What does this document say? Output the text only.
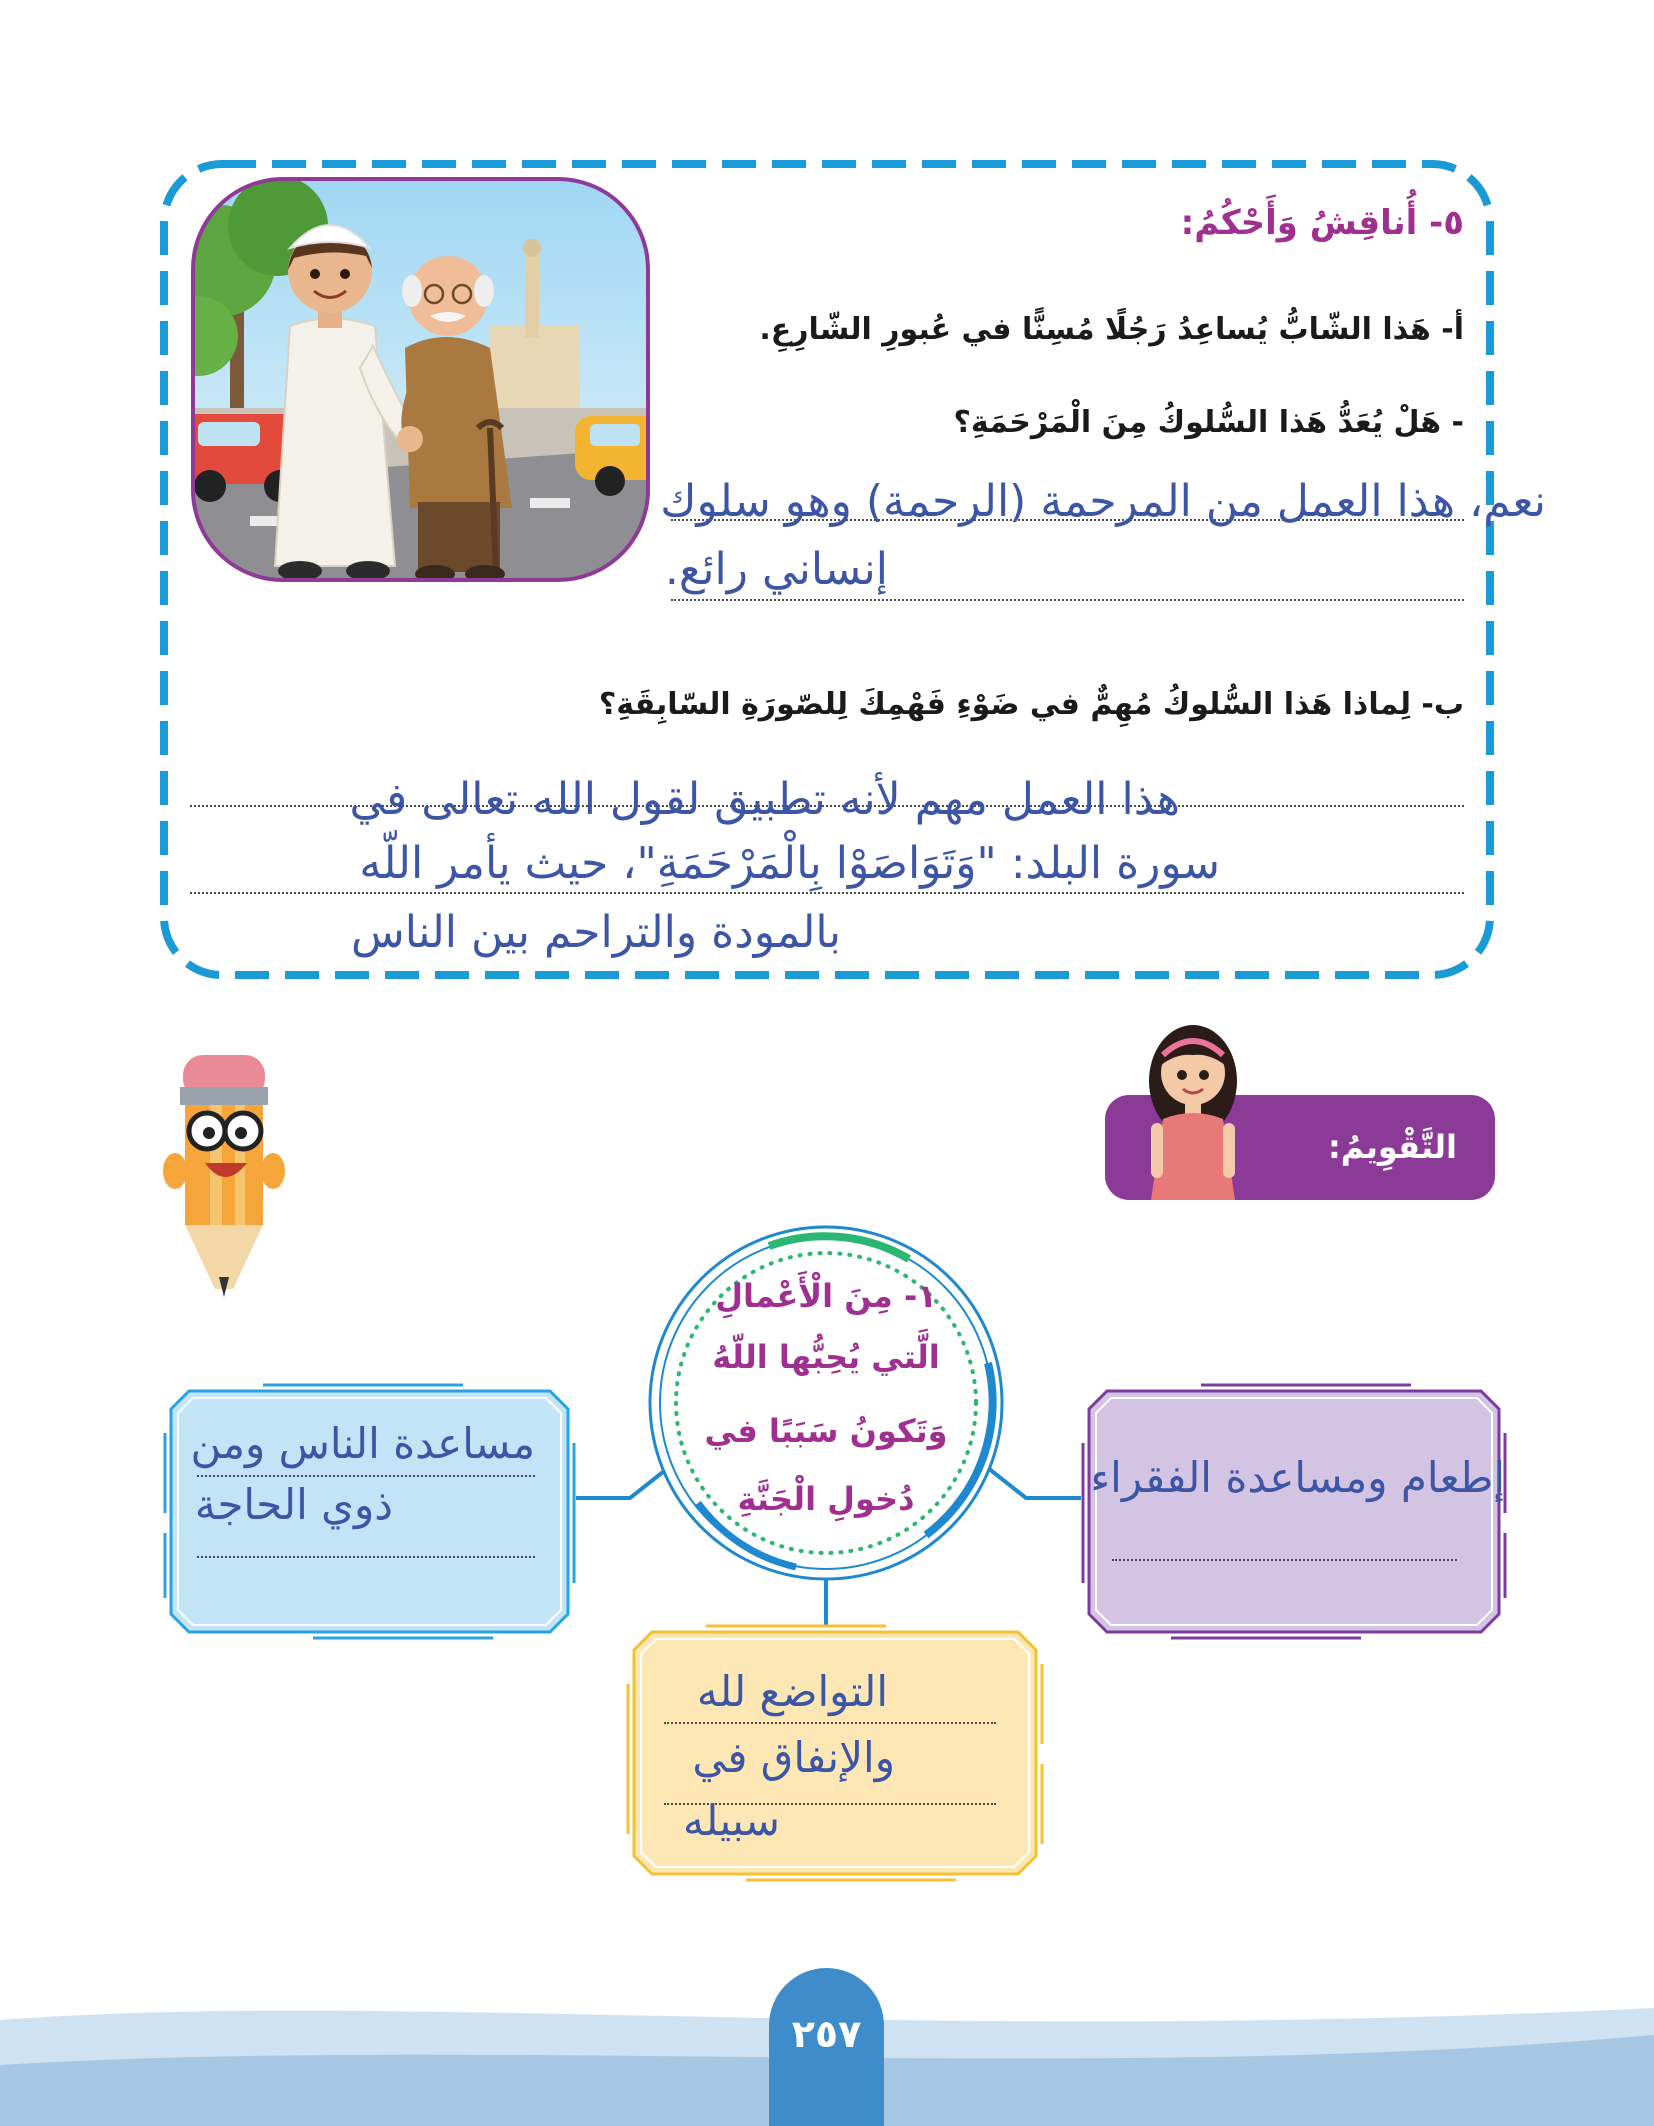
٥- أُناقِشُ وَأَحْكُمُ:
أ- هَذا الشّابُّ يُساعِدُ رَجُلًا مُسِنًّا في عُبورِ الشّارِعِ.
- هَلْ يُعَدُّ هَذا السُّلوكُ مِنَ الْمَرْحَمَةِ؟
نعم، هذا العمل من المرحمة (الرحمة) وهو سلوك
إنساني رائع.
ب- لِماذا هَذا السُّلوكُ مُهِمٌّ في ضَوْءِ فَهْمِكَ لِلصّورَةِ السّابِقَةِ؟
هذا العمل مهم لأنه تطبيق لقول الله تعالى في
سورة البلد: "وَتَوَاصَوْا بِالْمَرْحَمَةِ"، حيث يأمر اللّه
بالمودة والتراحم بين الناس
التَّقْوِيمُ:
١- مِنَ الْأَعْمالِ
الَّتي يُحِبُّها اللّهُ
وَتَكونُ سَبَبًا في
دُخولِ الْجَنَّةِ
مساعدة الناس ومن
ذوي الحاجة
إطعام ومساعدة الفقراء
التواضع لله
والإنفاق في
سبيله
٢٥٧
